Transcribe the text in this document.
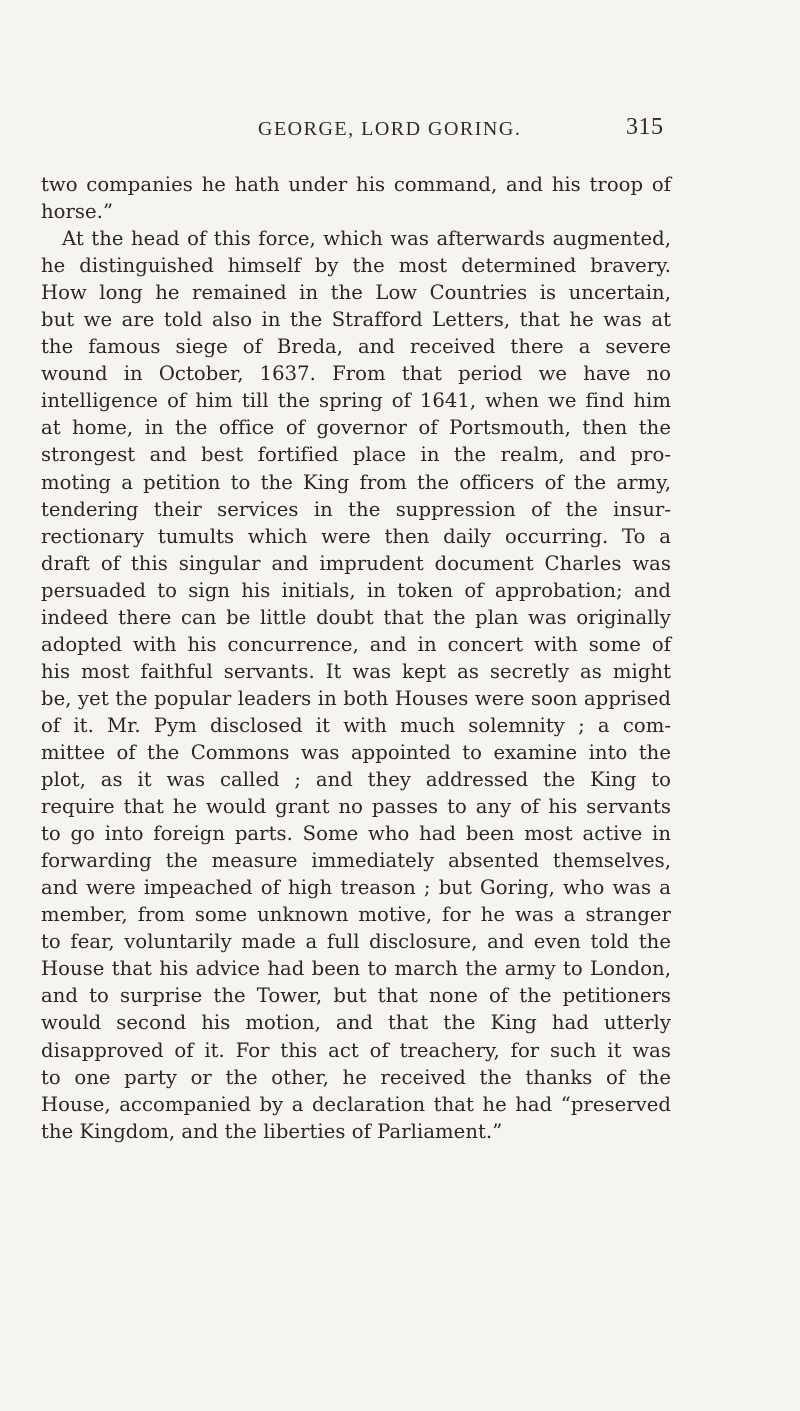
GEORGE, LORD GORING.	315
two companies he hath under his command, and his troop of
horse.”
At the head of this force, which was afterwards augmented,
he distinguished himself by the most determined bravery.
How long he remained in the Low Countries is uncertain,
but we are told also in the Strafford Letters, that he was at
the famous siege of Breda, and received there a severe
wound in October, 1637. From that period we have no
intelligence of him till the spring of 1641, when we find him
at home, in the office of governor of Portsmouth, then the
strongest and best fortified place in the realm, and pro-
moting a petition to the King from the officers of the army,
tendering their services in the suppression of the insur-
rectionary tumults which were then daily occurring. To a
draft of this singular and imprudent document Charles was
persuaded to sign his initials, in token of approbation; and
indeed there can be little doubt that the plan was originally
adopted with his concurrence, and in concert with some of
his most faithful servants. It was kept as secretly as might
be, yet the popular leaders in both Houses were soon apprised
of it. Mr. Pym disclosed it with much solemnity ; a com-
mittee of the Commons was appointed to examine into the
plot, as it was called ; and they addressed the King to
require that he would grant no passes to any of his servants
to go into foreign parts. Some who had been most active in
forwarding the measure immediately absented themselves,
and were impeached of high treason ; but Goring, who was a
member, from some unknown motive, for he was a stranger
to fear, voluntarily made a full disclosure, and even told the
House that his advice had been to march the army to London,
and to surprise the Tower, but that none of the petitioners
would second his motion, and that the King had utterly
disapproved of it. For this act of treachery, for such it was
to one party or the other, he received the thanks of the
House, accompanied by a declaration that he had “preserved
the Kingdom, and the liberties of Parliament.”
